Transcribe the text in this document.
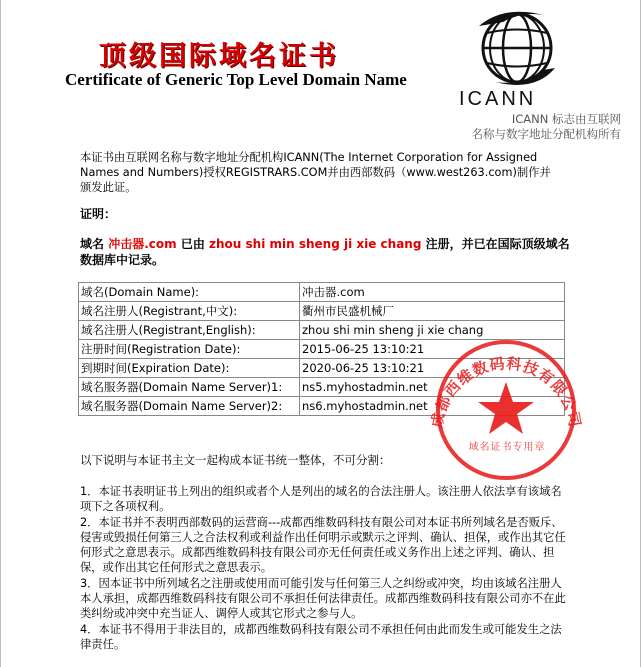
顶级国际域名证书
Certificate of Generic Top Level Domain Name
ICANN
ICANN 标志由互联网
名称与数字地址分配机构所有
本证书由互联网名称与数字地址分配机构ICANN(The Internet Corporation for Assigned Names and Numbers)授权REGISTRARS.COM并由西部数码（www.west263.com)制作并颁发此证。
证明：
域名 冲击器.com 已由 zhou shi min sheng ji xie chang 注册，并已在国际顶级域名数据库中记录。
域名(Domain Name):	冲击器.com
域名注册人(Registrant,中文):	衢州市民盛机械厂
域名注册人(Registrant,English):	zhou shi min sheng ji xie chang
注册时间(Registration Date):	2015-06-25 13:10:21
到期时间(Expiration Date):	2020-06-25 13:10:21
域名服务器(Domain Name Server)1:	ns5.myhostadmin.net
域名服务器(Domain Name Server)2:	ns6.myhostadmin.net
成都西维数码科技有限公司
域名证书专用章
以下说明与本证书主文一起构成本证书统一整体，不可分割：

1．本证书表明证书上列出的组织或者个人是列出的域名的合法注册人。该注册人依法享有该域名项下之各项权利。

2．本证书并不表明西部数码的运营商---成都西维数码科技有限公司对本证书所列域名是否贩斥、侵害或毁损任何第三人之合法权利或利益作出任何明示或默示之评判、确认、担保，或作出其它任何形式之意思表示。成都西维数码科技有限公司亦无任何责任或义务作出上述之评判、确认、担保，或作出其它任何形式之意思表示。

3．因本证书中所列域名之注册或使用而可能引发与任何第三人之纠纷或冲突，均由该域名注册人本人承担，成都西维数码科技有限公司不承担任何法律责任。成都西维数码科技有限公司亦不在此类纠纷或冲突中充当证人、调停人或其它形式之参与人。

4．本证书不得用于非法目的，成都西维数码科技有限公司不承担任何由此而发生或可能发生之法律责任。
